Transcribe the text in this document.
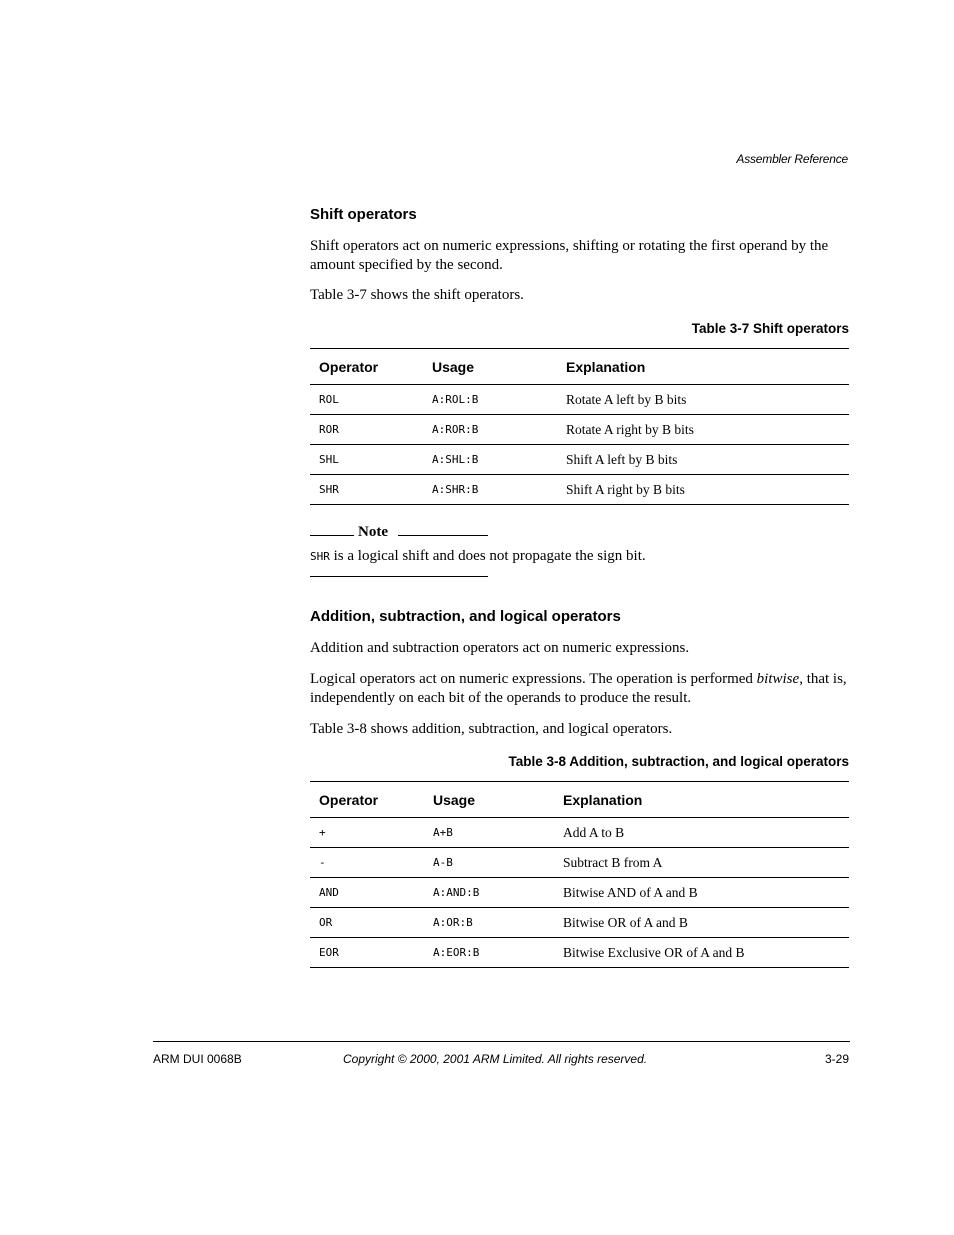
Assembler Reference
Shift operators
Shift operators act on numeric expressions, shifting or rotating the first operand by the amount specified by the second.
Table 3-7 shows the shift operators.
Table 3-7 Shift operators
Operator	Usage	Explanation
ROL	A:ROL:B	Rotate A left by B bits
ROR	A:ROR:B	Rotate A right by B bits
SHL	A:SHL:B	Shift A left by B bits
SHR	A:SHR:B	Shift A right by B bits
Note
SHR is a logical shift and does not propagate the sign bit.
Addition, subtraction, and logical operators
Addition and subtraction operators act on numeric expressions.
Logical operators act on numeric expressions. The operation is performed bitwise, that is, independently on each bit of the operands to produce the result.
Table 3-8 shows addition, subtraction, and logical operators.
Table 3-8 Addition, subtraction, and logical operators
Operator	Usage	Explanation
+	A+B	Add A to B
-	A-B	Subtract B from A
AND	A:AND:B	Bitwise AND of A and B
OR	A:OR:B	Bitwise OR of A and B
EOR	A:EOR:B	Bitwise Exclusive OR of A and B
ARM DUI 0068B	Copyright © 2000, 2001 ARM Limited. All rights reserved.	3-29
